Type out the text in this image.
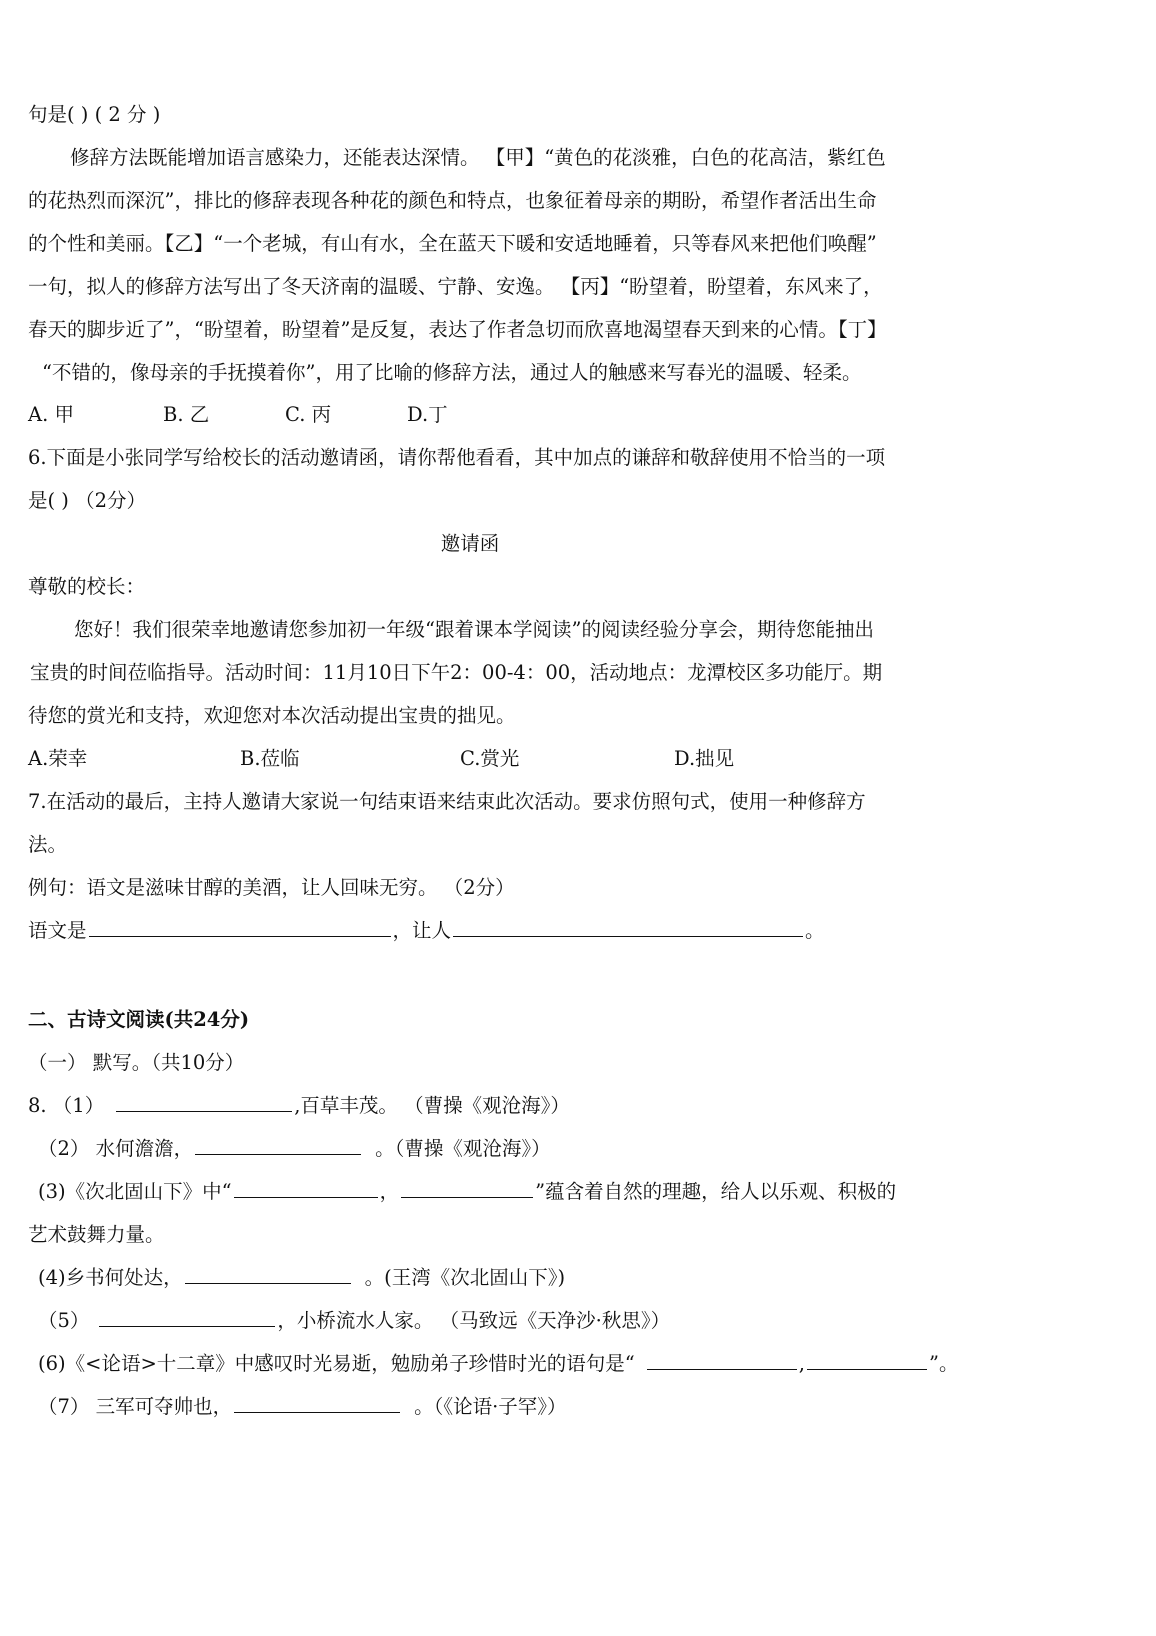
句是( ) ( 2 分 )
修辞方法既能增加语言感染力，还能表达深情。 【甲】“黄色的花淡雅，白色的花高洁，紫红色
的花热烈而深沉”，排比的修辞表现各种花的颜色和特点，也象征着母亲的期盼，希望作者活出生命
的个性和美丽。【乙】“一个老城，有山有水，全在蓝天下暖和安适地睡着，只等春风来把他们唤醒”
一句，拟人的修辞方法写出了冬天济南的温暖、宁静、安逸。 【丙】“盼望着，盼望着，东风来了，
春天的脚步近了”，“盼望着，盼望着”是反复，表达了作者急切而欣喜地渴望春天到来的心情。【丁】
“不错的，像母亲的手抚摸着你”，用了比喻的修辞方法，通过人的触感来写春光的温暖、轻柔。
A. 甲	B. 乙	C. 丙	D.丁
6.下面是小张同学写给校长的活动邀请函，请你帮他看看，其中加点的谦辞和敬辞使用不恰当的一项
是( ) （2分）
邀请函
尊敬的校长：
您好！我们很荣幸地邀请您参加初一年级“跟着课本学阅读”的阅读经验分享会，期待您能抽出
宝贵的时间莅临指导。活动时间：11月10日下午2：00-4：00，活动地点：龙潭校区多功能厅。期
待您的赏光和支持，欢迎您对本次活动提出宝贵的拙见。
A.荣幸	B.莅临	C.赏光	D.拙见
7.在活动的最后，主持人邀请大家说一句结束语来结束此次活动。要求仿照句式，使用一种修辞方
法。
例句：语文是滋味甘醇的美酒，让人回味无穷。 （2分）
语文是	，让人	。
二、古诗文阅读(共24分)
（一） 默写。（共10分）
8. （1）	,百草丰茂。 （曹操《观沧海》）
（2） 水何澹澹，	。（曹操《观沧海》）
(3)《次北固山下》中“	，	”蕴含着自然的理趣，给人以乐观、积极的
艺术鼓舞力量。
(4)乡书何处达，	。(王湾《次北固山下》)
（5）	，小桥流水人家。 （马致远《天净沙·秋思》）
(6)《<论语>十二章》中感叹时光易逝，勉励弟子珍惜时光的语句是“	,	”。
（7） 三军可夺帅也，	。（《论语·子罕》）
